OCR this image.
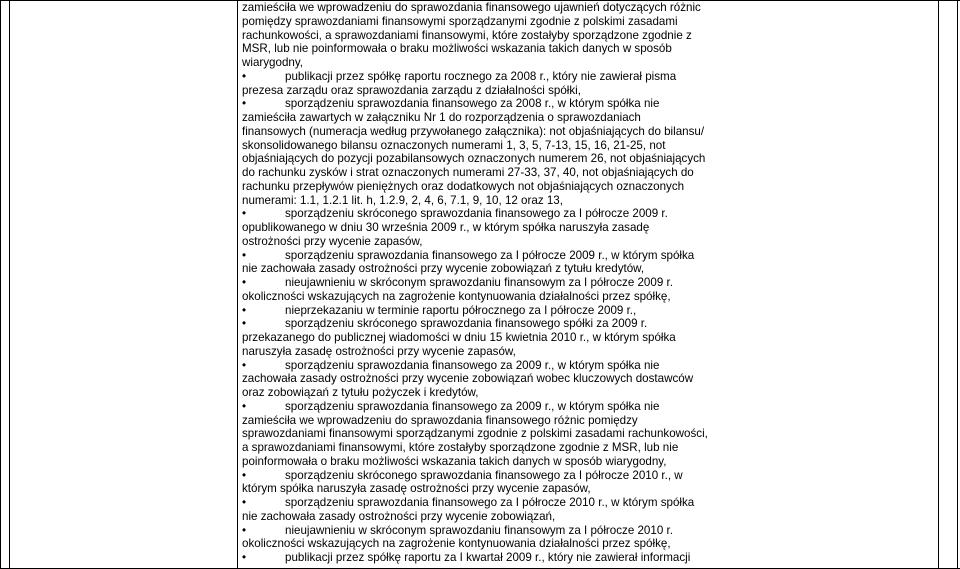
zamieściła we wprowadzeniu do sprawozdania finansowego ujawnień dotyczących różnic
pomiędzy sprawozdaniami finansowymi sporządzanymi zgodnie z polskimi zasadami
rachunkowości, a sprawozdaniami finansowymi, które zostałyby sporządzone zgodnie z
MSR, lub nie poinformowała o braku możliwości wskazania takich danych w sposób
wiarygodny,
•	publikacji przez spółkę raportu rocznego za 2008 r., który nie zawierał pisma
prezesa zarządu oraz sprawozdania zarządu z działalności spółki,
•	sporządzeniu sprawozdania finansowego za 2008 r., w którym spółka nie
zamieściła zawartych w załączniku Nr 1 do rozporządzenia o sprawozdaniach
finansowych (numeracja według przywołanego załącznika): not objaśniających do bilansu/
skonsolidowanego bilansu oznaczonych numerami 1, 3, 5, 7-13, 15, 16, 21-25, not
objaśniających do pozycji pozabilansowych oznaczonych numerem 26, not objaśniających
do rachunku zysków i strat oznaczonych numerami 27-33, 37, 40, not objaśniających do
rachunku przepływów pieniężnych oraz dodatkowych not objaśniających oznaczonych
numerami: 1.1, 1.2.1 lit. h, 1.2.9, 2, 4, 6, 7.1, 9, 10, 12 oraz 13,
•	sporządzeniu skróconego sprawozdania finansowego za I półrocze 2009 r.
opublikowanego w dniu 30 września 2009 r., w którym spółka naruszyła zasadę
ostrożności przy wycenie zapasów,
•	sporządzeniu sprawozdania finansowego za I półrocze 2009 r., w którym spółka
nie zachowała zasady ostrożności przy wycenie zobowiązań z tytułu kredytów,
•	nieujawnieniu w skróconym sprawozdaniu finansowym za I półrocze 2009 r.
okoliczności wskazujących na zagrożenie kontynuowania działalności przez spółkę,
•	nieprzekazaniu w terminie raportu półrocznego za I półrocze 2009 r.,
•	sporządzeniu skróconego sprawozdania finansowego spółki za 2009 r.
przekazanego do publicznej wiadomości w dniu 15 kwietnia 2010 r., w którym spółka
naruszyła zasadę ostrożności przy wycenie zapasów,
•	sporządzeniu sprawozdania finansowego za 2009 r., w którym spółka nie
zachowała zasady ostrożności przy wycenie zobowiązań wobec kluczowych dostawców
oraz zobowiązań z tytułu pożyczek i kredytów,
•	sporządzeniu sprawozdania finansowego za 2009 r., w którym spółka nie
zamieściła we wprowadzeniu do sprawozdania finansowego różnic pomiędzy
sprawozdaniami finansowymi sporządzanymi zgodnie z polskimi zasadami rachunkowości,
a sprawozdaniami finansowymi, które zostałyby sporządzone zgodnie z MSR, lub nie
poinformowała o braku możliwości wskazania takich danych w sposób wiarygodny,
•	sporządzeniu skróconego sprawozdania finansowego za I półrocze 2010 r., w
którym spółka naruszyła zasadę ostrożności przy wycenie zapasów,
•	sporządzeniu sprawozdania finansowego za I półrocze 2010 r., w którym spółka
nie zachowała zasady ostrożności przy wycenie zobowiązań,
•	nieujawnieniu w skróconym sprawozdaniu finansowym za I półrocze 2010 r.
okoliczności wskazujących na zagrożenie kontynuowania działalności przez spółkę,
•	publikacji przez spółkę raportu za I kwartał 2009 r., który nie zawierał informacji
